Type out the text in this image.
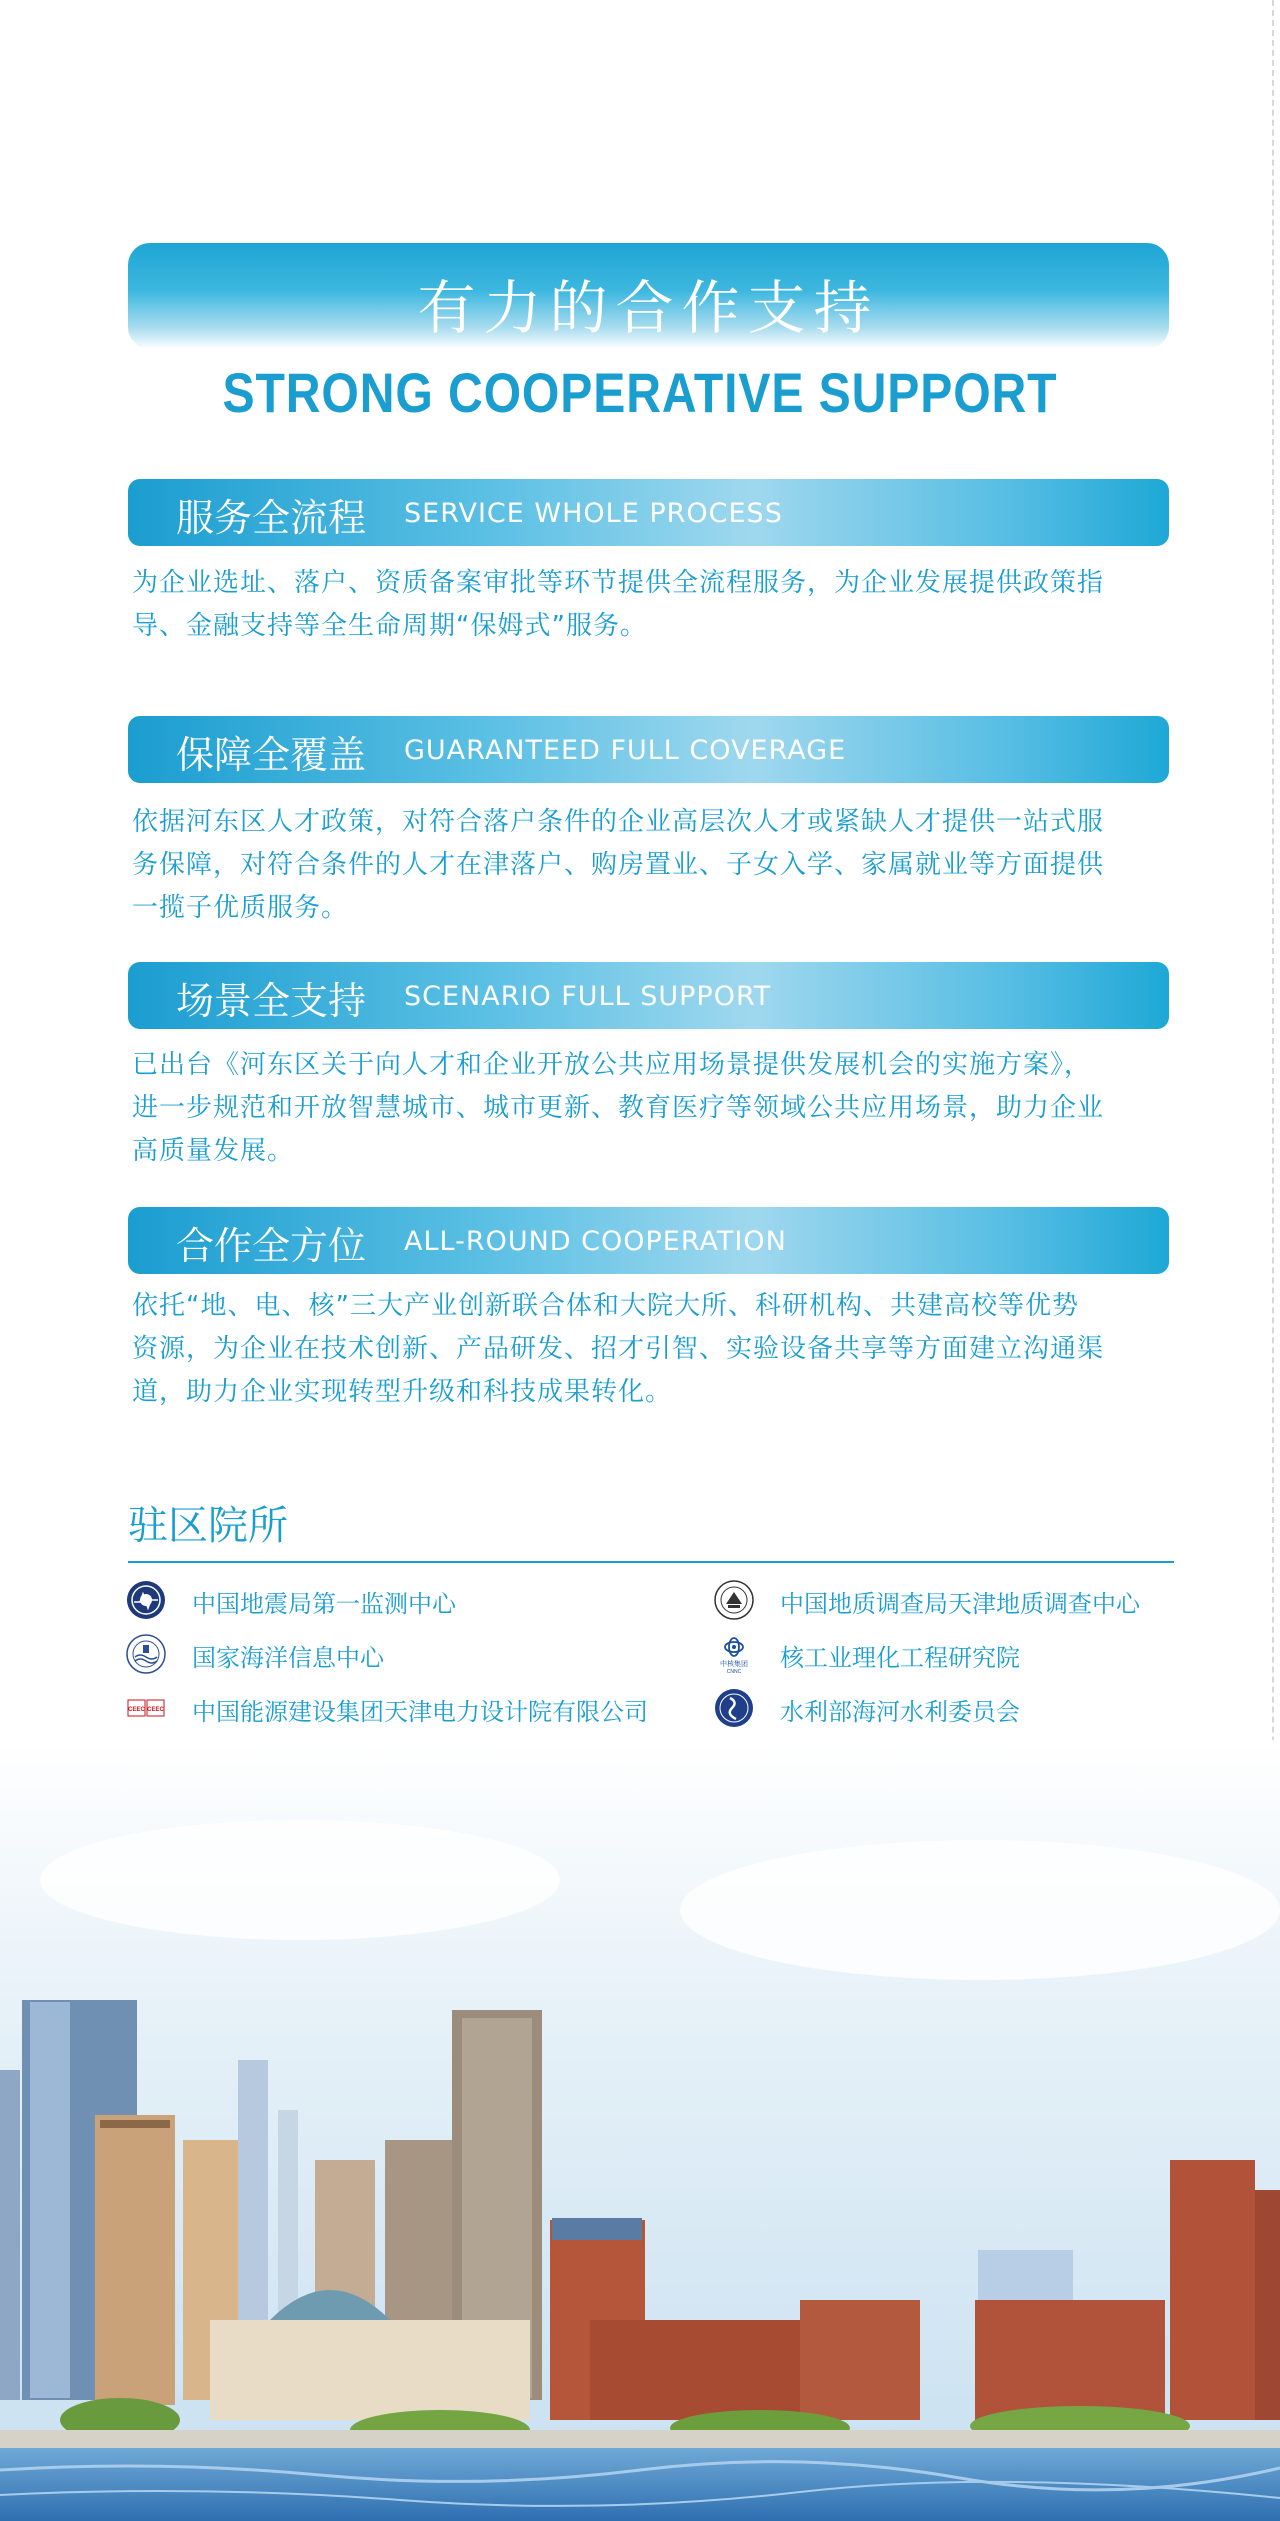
有力的合作支持
STRONG COOPERATIVE SUPPORT
服务全流程 SERVICE WHOLE PROCESS
为企业选址、落户、资质备案审批等环节提供全流程服务，为企业发展提供政策指
导、金融支持等全生命周期“保姆式”服务。
保障全覆盖 GUARANTEED FULL COVERAGE
依据河东区人才政策，对符合落户条件的企业高层次人才或紧缺人才提供一站式服
务保障，对符合条件的人才在津落户、购房置业、子女入学、家属就业等方面提供
一揽子优质服务。
场景全支持 SCENARIO FULL SUPPORT
已出台《河东区关于向人才和企业开放公共应用场景提供发展机会的实施方案》，
进一步规范和开放智慧城市、城市更新、教育医疗等领域公共应用场景，助力企业
高质量发展。
合作全方位 ALL-ROUND COOPERATION
依托“地、电、核”三大产业创新联合体和大院大所、科研机构、共建高校等优势
资源，为企业在技术创新、产品研发、招才引智、实验设备共享等方面建立沟通渠
道，助力企业实现转型升级和科技成果转化。
驻区院所
中国地震局第一监测中心
国家海洋信息中心
CEEC CEEC 中国能源建设集团天津电力设计院有限公司
中国地质调查局天津地质调查中心
中核集团
CNNC 核工业理化工程研究院
水利部海河水利委员会
